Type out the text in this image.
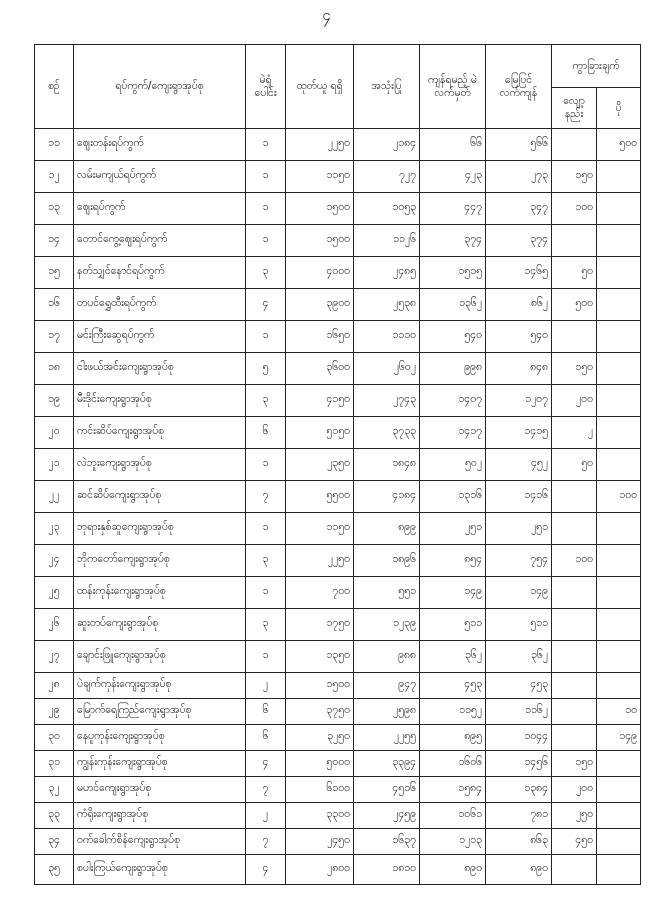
၄
စဉ်	ရပ်ကွက်/ကျေးရွာအုပ်စု	မဲရုံ ပေါင်း	ထုတ်ယူ ရရှိ	အသုံးပြု	ကျန်ရမည့် မဲလက်မှတ်	မြေပြင် လက်ကျန်	ကွာခြားချက်	
							လျော့ နည်း	ပို
၁၁	ဈေးတန်းရပ်ကွက်	၁	၂၂၅၀	၂၁၈၄	၆၆	၅၆၆		၅၀၀
၁၂	လမ်းမကျယ်ရပ်ကွက်	၁	၁၁၅၀	၇၂၇	၄၂၃	၂၇၃	၁၅၀	
၁၃	ဈေးရပ်ကွက်	၁	၁၅၀၀	၁၀၅၃	၄၄၇	၃၄၇	၁၀၀	
၁၄	တောင်ကွေ့ဈေးရပ်ကွက်	၁	၁၅၀၀	၁၁၂၆	၃၇၄	၃၇၄		
၁၅	နတ်သျှင်နောင်ရပ်ကွက်	၃	၄၀၀၀	၂၄၈၅	၁၅၁၅	၁၄၆၅	၅၀	
၁၆	တပင်ရွှေထီးရပ်ကွက်	၄	၃၉၀၀	၂၅၃၈	၁၃၆၂	၈၆၂	၅၀၀	
၁၇	မင်းကြီးဆွေရပ်ကွက်	၁	၁၆၅၀	၁၁၁၀	၅၄၀	၅၄၀		
၁၈	ငါးဖယ်အင်းကျေးရွာအုပ်စု	၅	၃၆၀၀	၂၆၀၂	၉၉၈	၈၄၈	၁၅၀	
၁၉	မီးဒိုင်းကျေးရွာအုပ်စု	၃	၄၁၅၀	၂၇၄၃	၁၄၀၇	၁၂၀၇	၂၀၀	
၂၀	ကင်းဆိပ်ကျေးရွာအုပ်စု	၆	၅၁၅၀	၃၇၃၃	၁၄၁၇	၁၄၁၅	၂	
၂၁	လဲဘူးကျေးရွာအုပ်စု	၁	၂၃၅၀	၁၈၄၈	၅၀၂	၄၅၂	၅၀	
၂၂	ဆင်ဆိပ်ကျေးရွာအုပ်စု	၇	၅၅၀၀	၄၁၈၄	၁၃၁၆	၁၄၁၆		၁၀၀
၂၃	ဘုရားနှစ်ဆူကျေးရွာအုပ်စု	၁	၁၁၅၀	၈၉၉	၂၅၁	၂၅၁		
၂၄	ဘိုကတော်ကျေးရွာအုပ်စု	၃	၂၂၅၀	၁၈၉၆	၈၅၄	၇၅၄	၁၀၀	
၂၅	ထန်းကုန်းကျေးရွာအုပ်စု	၁	၇၀၀	၅၅၁	၁၄၉	၁၄၉		
၂၆	ဆူးတပ်ကျေးရွာအုပ်စု	၃	၁၇၅၀	၁၂၃၉	၅၁၁	၅၁၁		
၂၇	ချောင်းဖြူကျေးရွာအုပ်စု	၁	၁၃၅၀	၉၈၈	၃၆၂	၃၆၂		
၂၈	ပဲချက်ကုန်းကျေးရွာအုပ်စု	၂	၁၅၀၀	၉၄၇	၄၅၃	၄၅၃		
၂၉	မြောက်ရေကြည်ကျေးရွာအုပ်စု	၆	၃၇၅၀	၂၅၉၈	၁၁၅၂	၁၁၆၂		၁၀
၃၀	နေပူကုန်းကျေးရွာအုပ်စု	၆	၃၂၅၀	၂၂၅၅	၈၉၅	၁၀၄၄		၁၄၉
၃၁	ကျွန်းကုန်းကျေးရွာအုပ်စု	၄	၅၀၀၀	၃၃၉၄	၁၆၀၆	၁၄၅၆	၁၅၀	
၃၂	မဟင်ကျေးရွာအုပ်စု	၇	၆၁၀၀	၄၅၁၆	၁၅၈၄	၁၃၈၄	၂၀၀	
၃၃	ကံရိုးကျေးရွာအုပ်စု	၂	၃၃၀၀	၂၄၅၉	၁၀၆၁	၇၈၁	၂၅၀	
၃၄	ဝက်ခေါက်စိန်ကျေးရွာအုပ်စု	၇	၂၄၅၀	၁၆၃၇	၁၂၁၃	၈၆၃	၄၅၀	
၃၅	စပါးကြယ်ကျေးရွာအုပ်စု	၄	၂၈၀၀	၁၈၁၀	၈၉၀	၈၉၀		
